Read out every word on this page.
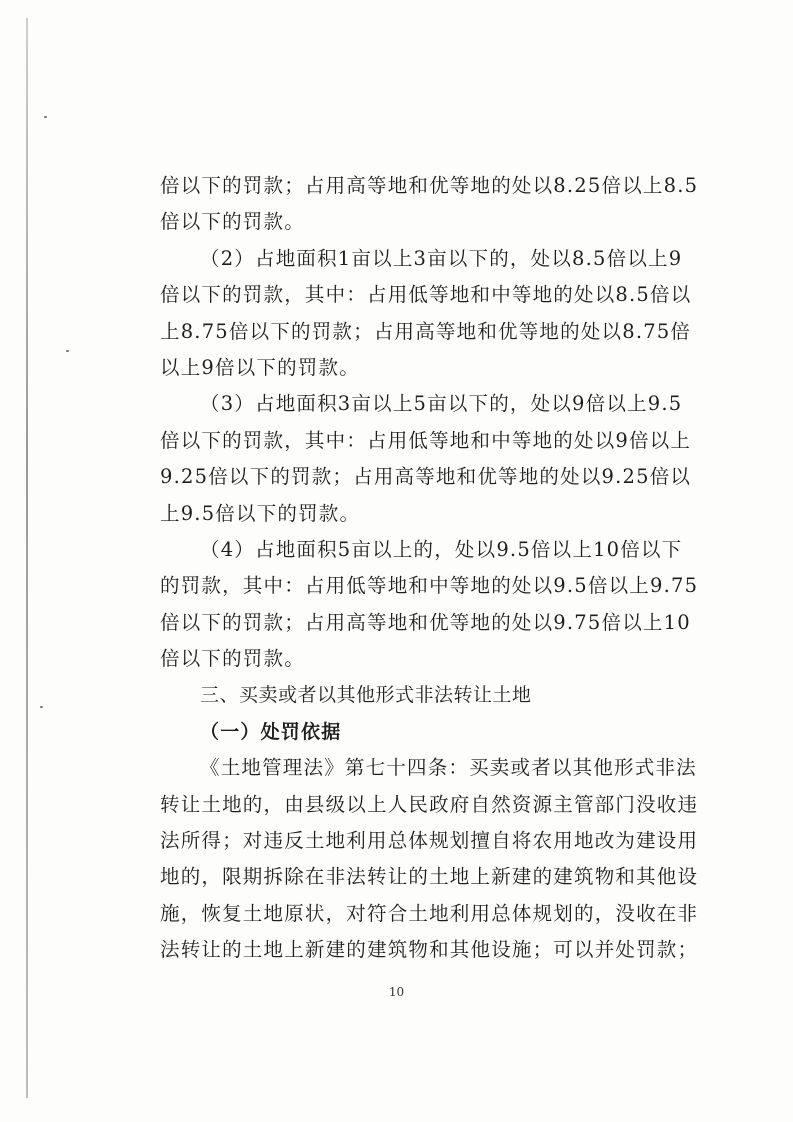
倍以下的罚款；占用高等地和优等地的处以8.25倍以上8.5
倍以下的罚款。
（2）占地面积1亩以上3亩以下的，处以8.5倍以上9
倍以下的罚款，其中：占用低等地和中等地的处以8.5倍以
上8.75倍以下的罚款；占用高等地和优等地的处以8.75倍
以上9倍以下的罚款。
（3）占地面积3亩以上5亩以下的，处以9倍以上9.5
倍以下的罚款，其中：占用低等地和中等地的处以9倍以上
9.25倍以下的罚款；占用高等地和优等地的处以9.25倍以
上9.5倍以下的罚款。
（4）占地面积5亩以上的，处以9.5倍以上10倍以下
的罚款，其中：占用低等地和中等地的处以9.5倍以上9.75
倍以下的罚款；占用高等地和优等地的处以9.75倍以上10
倍以下的罚款。
三、买卖或者以其他形式非法转让土地
（一）处罚依据
《土地管理法》第七十四条：买卖或者以其他形式非法
转让土地的，由县级以上人民政府自然资源主管部门没收违
法所得；对违反土地利用总体规划擅自将农用地改为建设用
地的，限期拆除在非法转让的土地上新建的建筑物和其他设
施，恢复土地原状，对符合土地利用总体规划的，没收在非
法转让的土地上新建的建筑物和其他设施；可以并处罚款；
10
